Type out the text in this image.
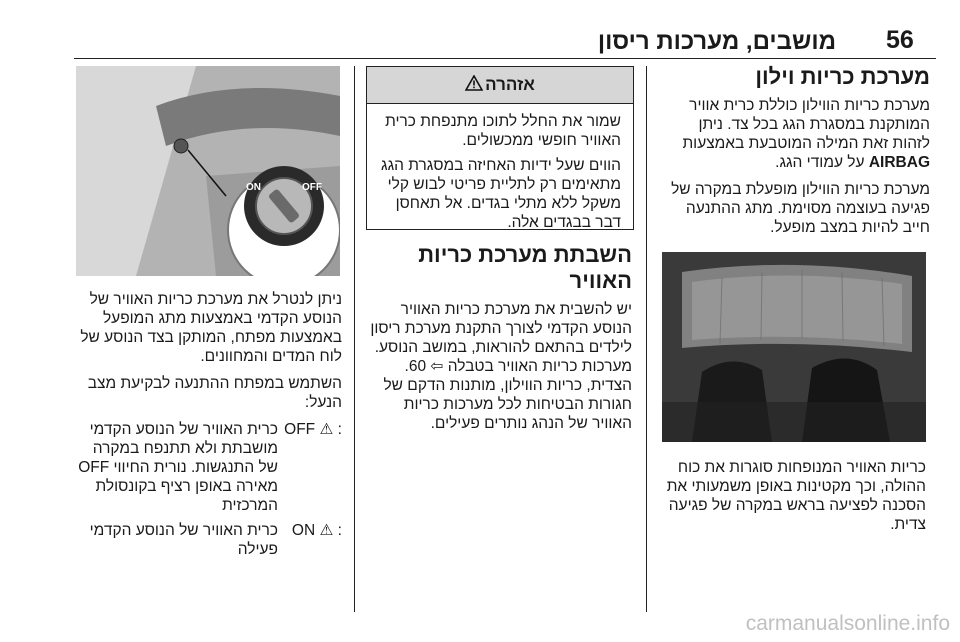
56
מושבים, מערכות ריסון
מערכת כריות וילון

מערכת כריות הווילון כוללת כרית אוויר המותקנת במסגרת הגג בכל צד. ניתן לזהות זאת המילה המוטבעת באמצעות AIRBAG על עמודי הגג.

מערכת כריות הווילון מופעלת במקרה של פגיעה בעוצמה מסוימת. מתג ההתנעה חייב להיות במצב מופעל.

כריות האוויר המנופחות סוגרות את כוח ההולה, וכך מקטינות באופן משמעותי את הסכנה לפציעה בראש במקרה של פגיעה צדית.
אזהרה

שמור את החלל לתוכו מתנפחת כרית האוויר חופשי ממכשולים.

הווים שעל ידיות האחיזה במסגרת הגג מתאימים רק לתליית פריטי לבוש קלי משקל ללא מתלי בגדים. אל תאחסן דבר בבגדים אלה.

השבתת מערכת כריות האוויר

יש להשבית את מערכת כריות האוויר הנוסע הקדמי לצורך התקנת מערכת ריסון לילדים בהתאם להוראות, במושב הנוסע. מערכות כריות האוויר בטבלה ⇦ 60. הצדית, כריות הווילון, מותנות הדקם של חגורות הבטיחות לכל מערכות כריות האוויר של הנהג נותרים פעילים.

ON	OFF
PASSENGER
AIRBAG

ניתן לנטרל את מערכת כריות האוויר של הנוסע הקדמי באמצעות מתג המופעל באמצעות מפתח, המותקן בצד הנוסע של לוח המדים והמחוונים.

השתמש במפתח ההתנעה לבקיעת מצב הנעל:

OFF ⚠ :
כרית האוויר של הנוסע הקדמי מושבתת ולא תתנפח במקרה של התנגשות. נורית החיווי OFF מאירה באופן רציף בקונסולת המרכזית
ON ⚠ :
כרית האוויר של הנוסע הקדמי פעילה
carmanualsonline.info
